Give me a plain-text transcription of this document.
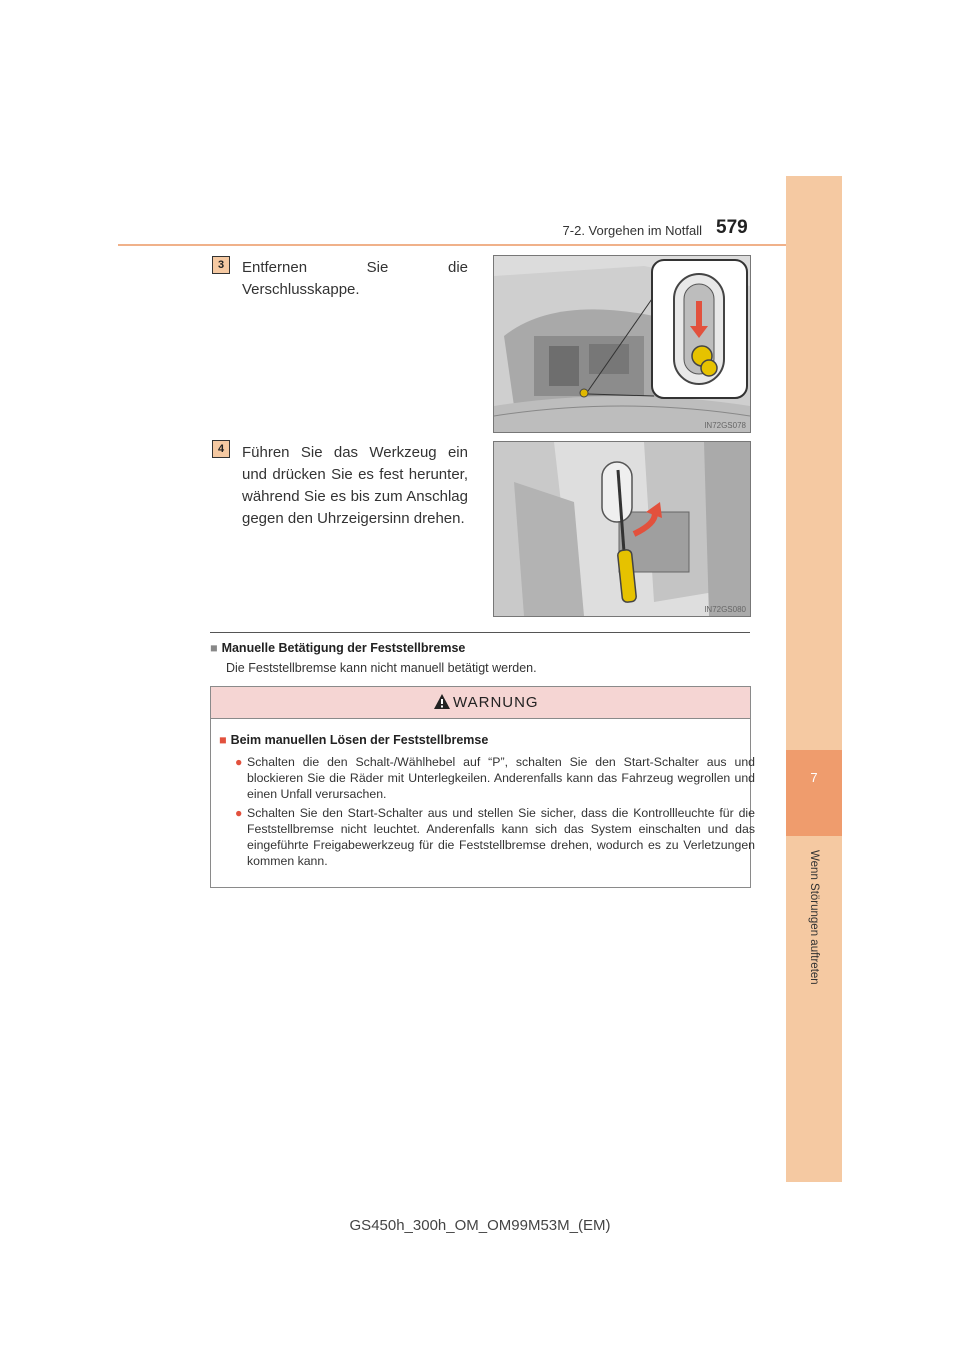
7
Wenn Störungen auftreten
7-2. Vorgehen im Notfall 579
3	Entfernen Sie die Verschlusskappe.
IN72GS078
4	Führen Sie das Werkzeug ein und drücken Sie es fest herunter, während Sie es bis zum Anschlag gegen den Uhrzeigersinn drehen.
IN72GS080
■ Manuelle Betätigung der Feststellbremse
Die Feststellbremse kann nicht manuell betätigt werden.
WARNUNG
■ Beim manuellen Lösen der Feststellbremse
● Schalten die den Schalt-/Wählhebel auf “P”, schalten Sie den Start-Schalter aus und blockieren Sie die Räder mit Unterlegkeilen. Anderenfalls kann das Fahrzeug wegrollen und einen Unfall verursachen.
● Schalten Sie den Start-Schalter aus und stellen Sie sicher, dass die Kontrollleuchte für die Feststellbremse nicht leuchtet. Anderenfalls kann sich das System einschalten und das eingeführte Freigabewerkzeug für die Feststellbremse drehen, wodurch es zu Verletzungen kommen kann.
GS450h_300h_OM_OM99M53M_(EM)
